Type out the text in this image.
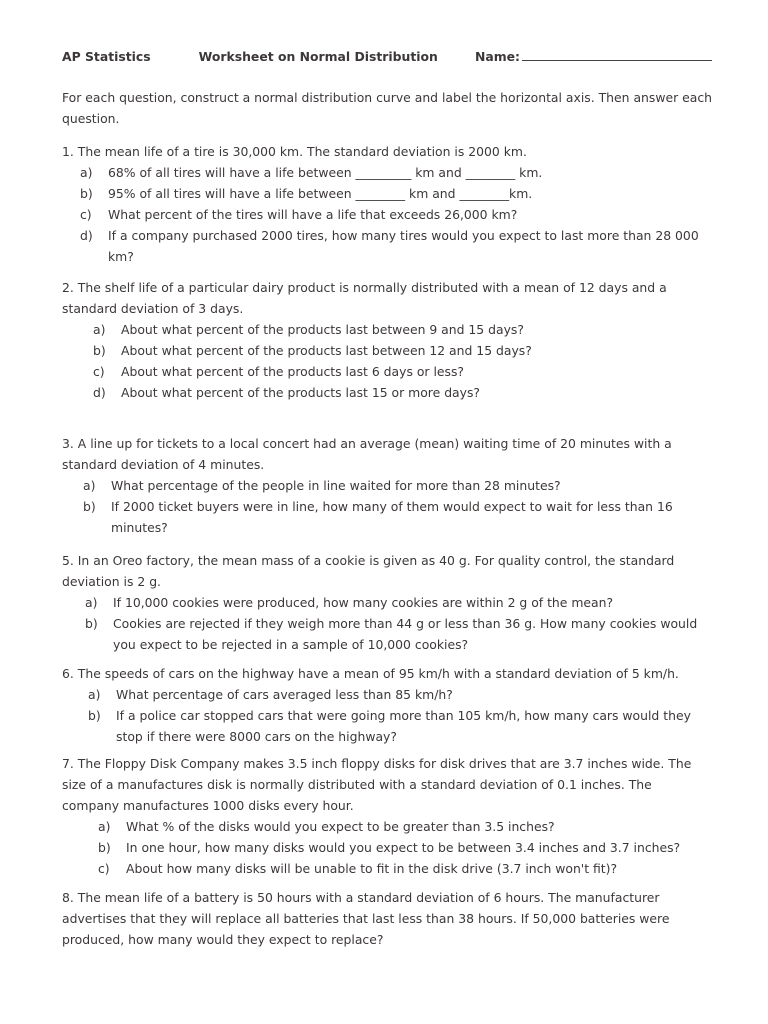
AP Statistics	Worksheet on Normal Distribution	Name:

For each question, construct a normal distribution curve and label the horizontal axis. Then answer each question.

1. The mean life of a tire is 30,000 km. The standard deviation is 2000 km.

a)	68% of all tires will have a life between _________ km and ________ km.
b)	95% of all tires will have a life between ________ km and ________km.
c)	What percent of the tires will have a life that exceeds 26,000 km?
d)	If a company purchased 2000 tires, how many tires would you expect to last more than 28 000 km?

2. The shelf life of a particular dairy product is normally distributed with a mean of 12 days and a standard deviation of 3 days.

a)	About what percent of the products last between 9 and 15 days?
b)	About what percent of the products last between 12 and 15 days?
c)	About what percent of the products last 6 days or less?
d)	About what percent of the products last 15 or more days?

3. A line up for tickets to a local concert had an average (mean) waiting time of 20 minutes with a standard deviation of 4 minutes.

a)	What percentage of the people in line waited for more than 28 minutes?
b)	If 2000 ticket buyers were in line, how many of them would expect to wait for less than 16 minutes?

5. In an Oreo factory, the mean mass of a cookie is given as 40 g. For quality control, the standard deviation is 2 g.

a)	If 10,000 cookies were produced, how many cookies are within 2 g of the mean?
b)	Cookies are rejected if they weigh more than 44 g or less than 36 g. How many cookies would you expect to be rejected in a sample of 10,000 cookies?

6. The speeds of cars on the highway have a mean of 95 km/h with a standard deviation of 5 km/h.

a)	What percentage of cars averaged less than 85 km/h?
b)	If a police car stopped cars that were going more than 105 km/h, how many cars would they stop if there were 8000 cars on the highway?

7. The Floppy Disk Company makes 3.5 inch floppy disks for disk drives that are 3.7 inches wide. The size of a manufactures disk is normally distributed with a standard deviation of 0.1 inches. The company manufactures 1000 disks every hour.

a)	What % of the disks would you expect to be greater than 3.5 inches?
b)	In one hour, how many disks would you expect to be between 3.4 inches and 3.7 inches?
c)	About how many disks will be unable to fit in the disk drive (3.7 inch won't fit)?

8. The mean life of a battery is 50 hours with a standard deviation of 6 hours. The manufacturer advertises that they will replace all batteries that last less than 38 hours. If 50,000 batteries were produced, how many would they expect to replace?
